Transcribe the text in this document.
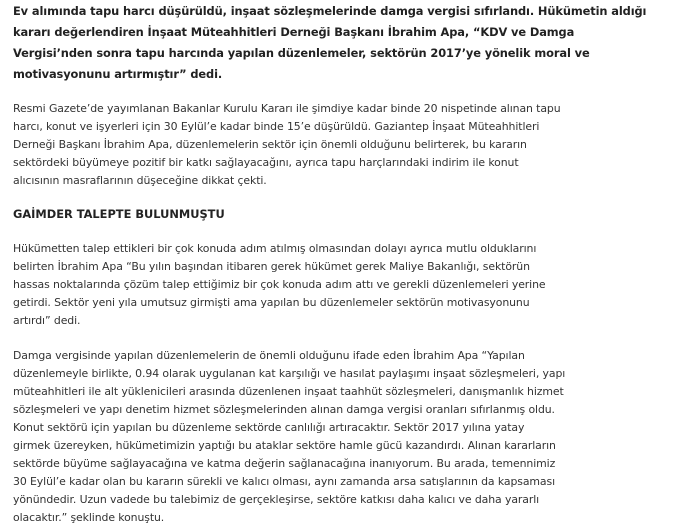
Ev alımında tapu harcı düşürüldü, inşaat sözleşmelerinde damga vergisi sıfırlandı. Hükümetin aldığı
kararı değerlendiren İnşaat Müteahhitleri Derneği Başkanı İbrahim Apa, “KDV ve Damga
Vergisi’nden sonra tapu harcında yapılan düzenlemeler, sektörün 2017’ye yönelik moral ve
motivasyonunu artırmıştır” dedi.

Resmi Gazete’de yayımlanan Bakanlar Kurulu Kararı ile şimdiye kadar binde 20 nispetinde alınan tapu
harcı, konut ve işyerleri için 30 Eylül’e kadar binde 15’e düşürüldü. Gaziantep İnşaat Müteahhitleri
Derneği Başkanı İbrahim Apa, düzenlemelerin sektör için önemli olduğunu belirterek, bu kararın
sektördeki büyümeye pozitif bir katkı sağlayacağını, ayrıca tapu harçlarındaki indirim ile konut
alıcısının masraflarının düşeceğine dikkat çekti.

GAİMDER TALEPTE BULUNMUŞTU

Hükümetten talep ettikleri bir çok konuda adım atılmış olmasından dolayı ayrıca mutlu olduklarını
belirten İbrahim Apa “Bu yılın başından itibaren gerek hükümet gerek Maliye Bakanlığı, sektörün
hassas noktalarında çözüm talep ettiğimiz bir çok konuda adım attı ve gerekli düzenlemeleri yerine
getirdi. Sektör yeni yıla umutsuz girmişti ama yapılan bu düzenlemeler sektörün motivasyonunu
artırdı” dedi.

Damga vergisinde yapılan düzenlemelerin de önemli olduğunu ifade eden İbrahim Apa “Yapılan
düzenlemeyle birlikte, 0.94 olarak uygulanan kat karşılığı ve hasılat paylaşımı inşaat sözleşmeleri, yapı
müteahhitleri ile alt yüklenicileri arasında düzenlenen inşaat taahhüt sözleşmeleri, danışmanlık hizmet
sözleşmeleri ve yapı denetim hizmet sözleşmelerinden alınan damga vergisi oranları sıfırlanmış oldu.
Konut sektörü için yapılan bu düzenleme sektörde canlılığı artıracaktır. Sektör 2017 yılına yatay
girmek üzereyken, hükümetimizin yaptığı bu ataklar sektöre hamle gücü kazandırdı. Alınan kararların
sektörde büyüme sağlayacağına ve katma değerin sağlanacağına inanıyorum. Bu arada, temennimiz
30 Eylül’e kadar olan bu kararın sürekli ve kalıcı olması, aynı zamanda arsa satışlarının da kapsaması
yönündedir. Uzun vadede bu talebimiz de gerçekleşirse, sektöre katkısı daha kalıcı ve daha yararlı
olacaktır.” şeklinde konuştu.
